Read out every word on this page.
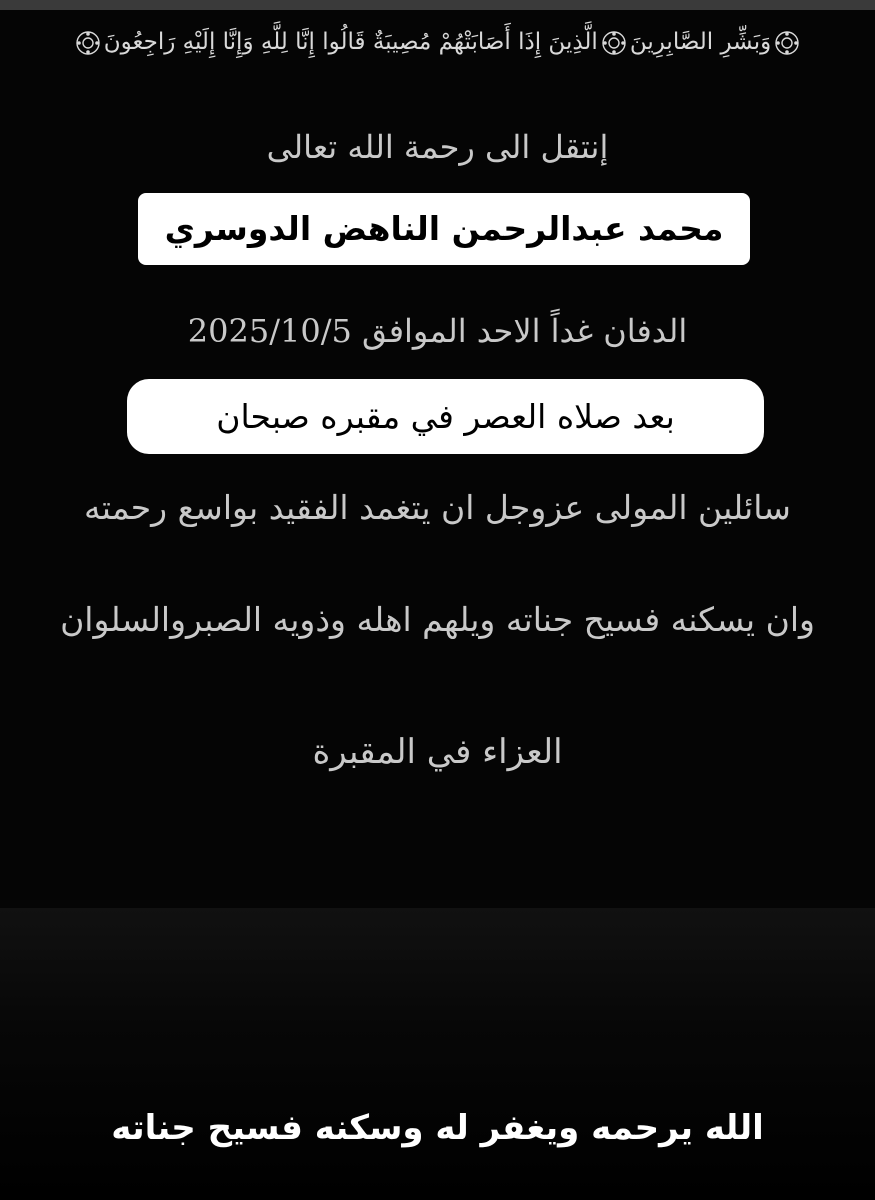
وَبَشِّرِ الصَّابِرِينَالَّذِينَ إِذَا أَصَابَتْهُمْ مُصِيبَةٌ قَالُوا إِنَّا لِلَّهِ وَإِنَّا إِلَيْهِ رَاجِعُونَ
إنتقل الى رحمة الله تعالى
محمد عبدالرحمن الناهض الدوسري
الدفان غداً الاحد الموافق 2025/10/5
بعد صلاه العصر في مقبره صبحان
سائلين المولى عزوجل ان يتغمد الفقيد بواسع رحمته
وان يسكنه فسيح جناته ويلهم اهله وذويه الصبروالسلوان
العزاء في المقبرة
الله يرحمه ويغفر له وسكنه فسيح جناته
